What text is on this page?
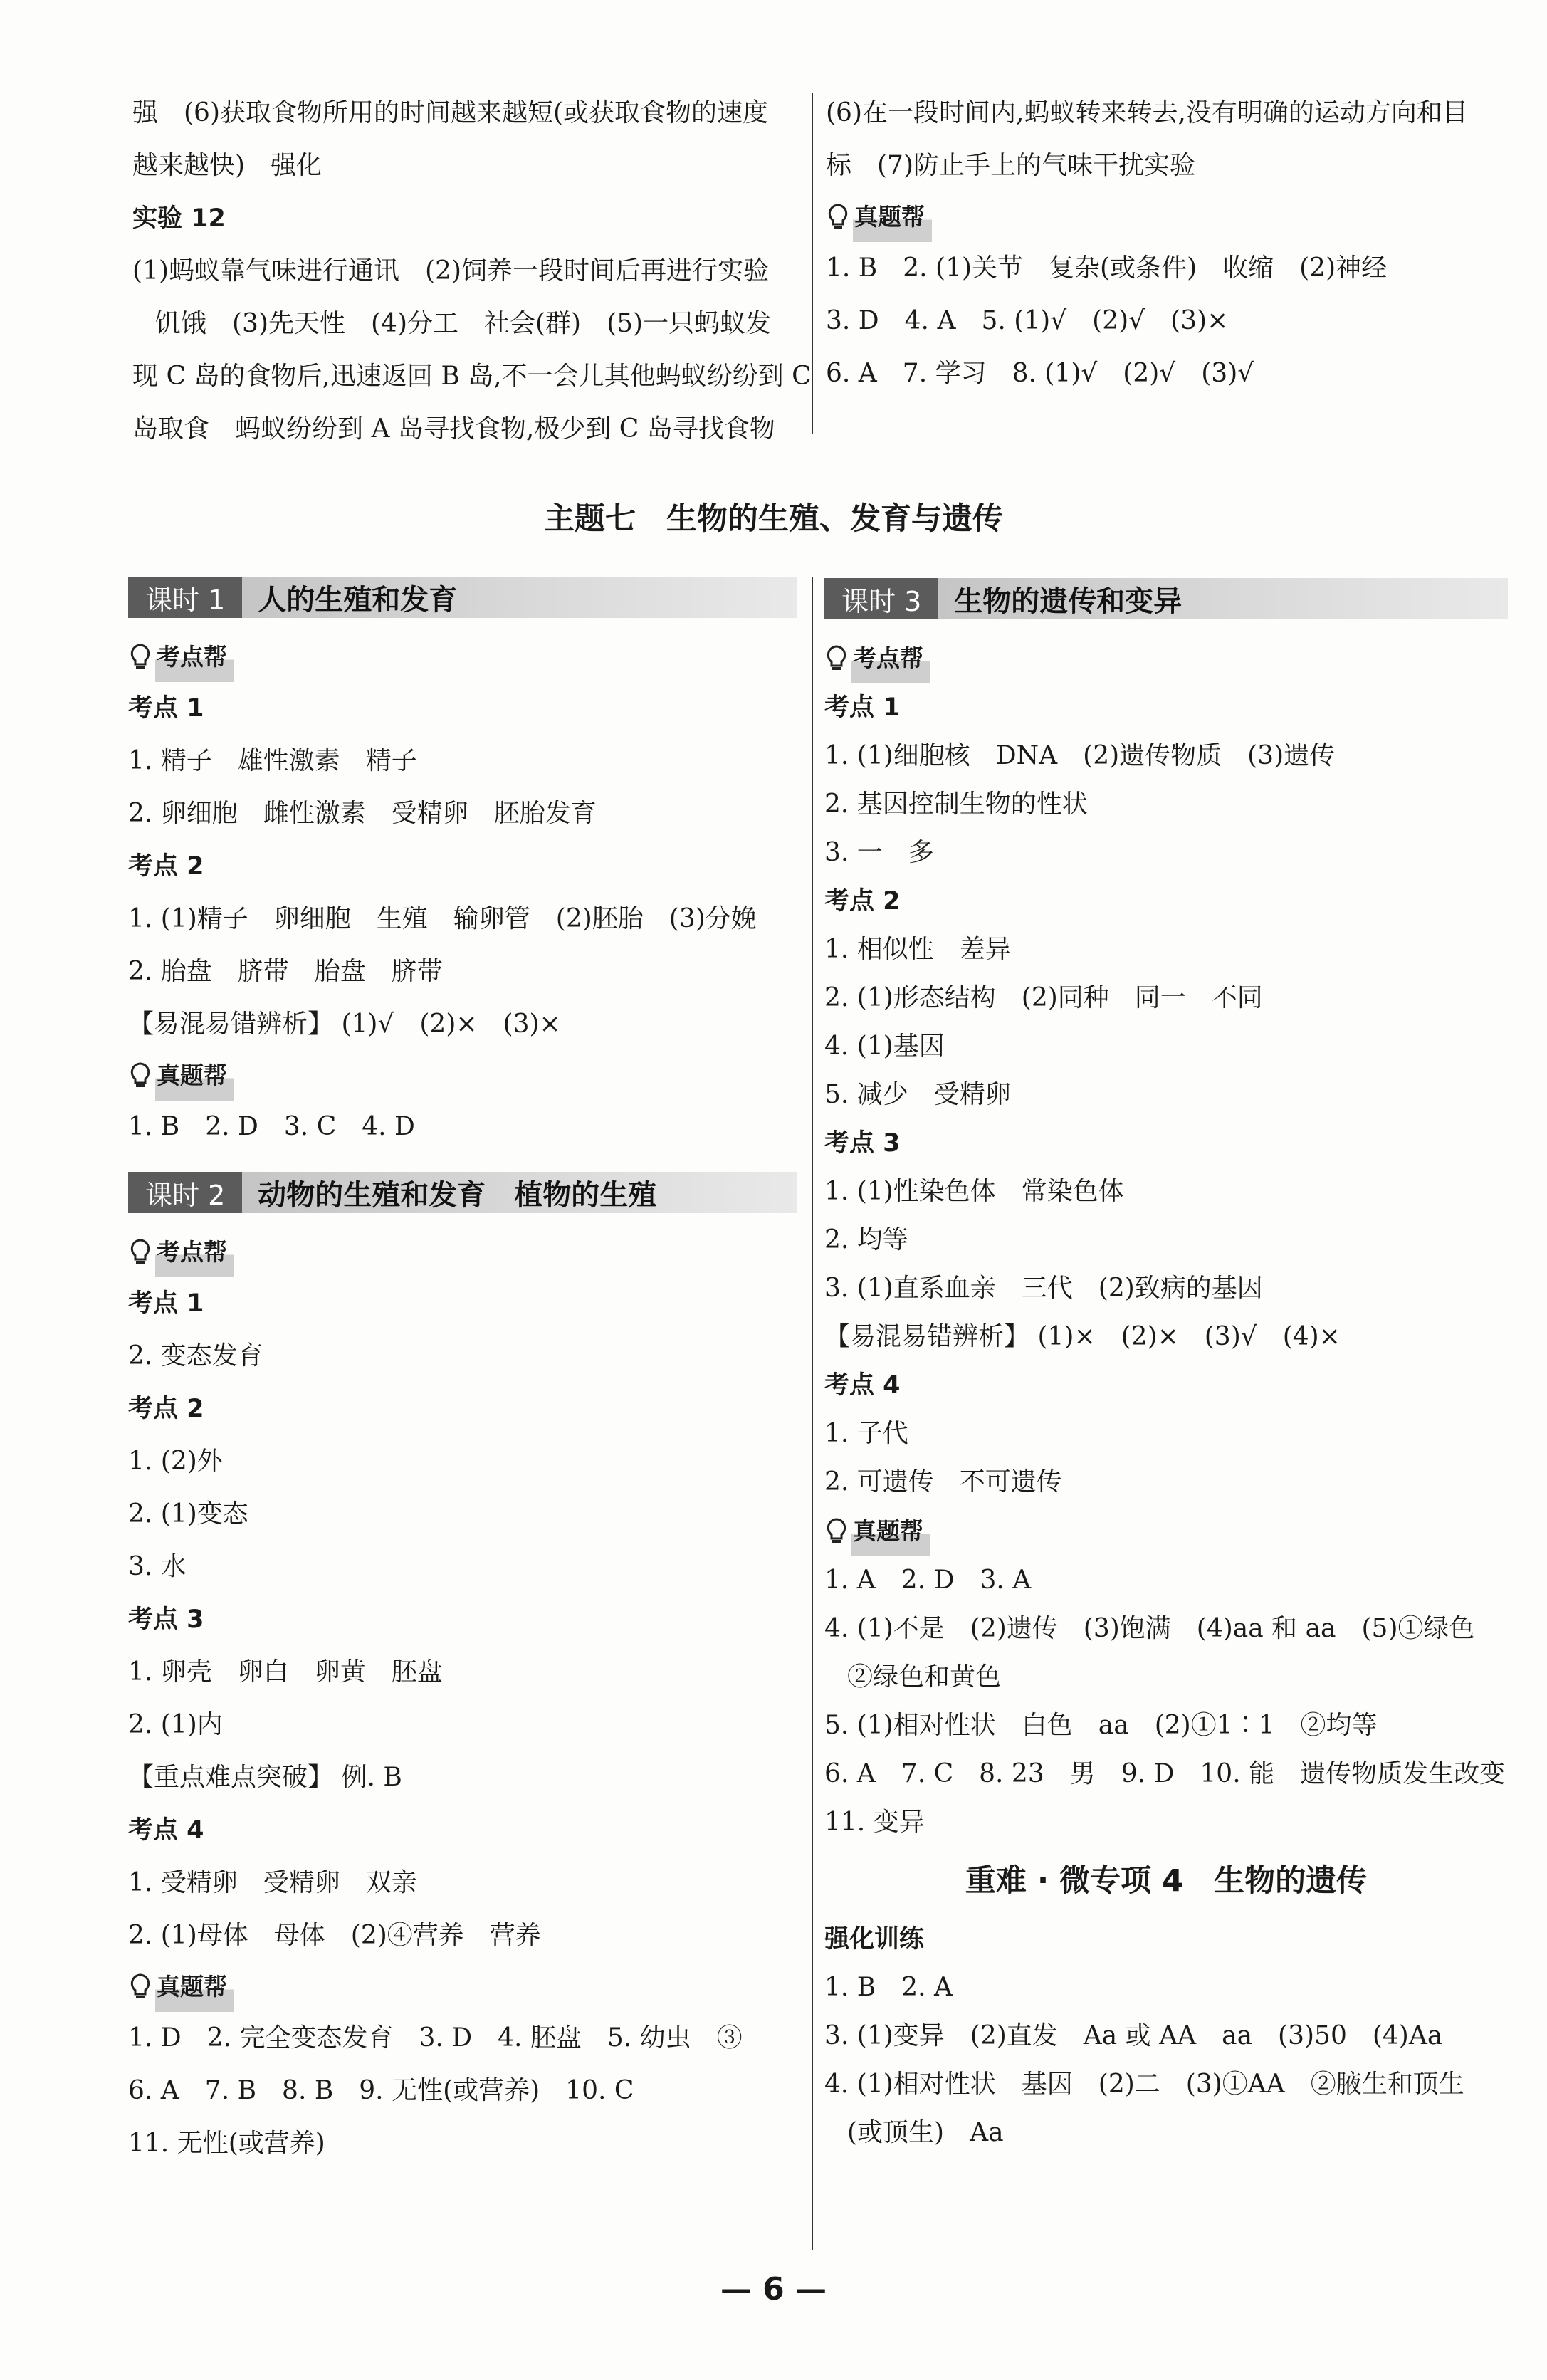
强　(6)获取食物所用的时间越来越短(或获取食物的速度
越来越快)　强化
实验 12
(1)蚂蚁靠气味进行通讯　(2)饲养一段时间后再进行实验
饥饿　(3)先天性　(4)分工　社会(群)　(5)一只蚂蚁发
现 C 岛的食物后,迅速返回 B 岛,不一会儿其他蚂蚁纷纷到 C
岛取食　蚂蚁纷纷到 A 岛寻找食物,极少到 C 岛寻找食物
(6)在一段时间内,蚂蚁转来转去,没有明确的运动方向和目
标　(7)防止手上的气味干扰实验
真题帮
1. B　2. (1)关节　复杂(或条件)　收缩　(2)神经
3. D　4. A　5. (1)√　(2)√　(3)×
6. A　7. 学习　8. (1)√　(2)√　(3)√
主题七　生物的生殖、发育与遗传
课时 1	人的生殖和发育
考点帮
考点 1
1. 精子　雄性激素　精子
2. 卵细胞　雌性激素　受精卵　胚胎发育
考点 2
1. (1)精子　卵细胞　生殖　输卵管　(2)胚胎　(3)分娩
2. 胎盘　脐带　胎盘　脐带
【易混易错辨析】 (1)√　(2)×　(3)×
真题帮
1. B　2. D　3. C　4. D
课时 2	动物的生殖和发育　植物的生殖
考点帮
考点 1
2. 变态发育
考点 2
1. (2)外
2. (1)变态
3. 水
考点 3
1. 卵壳　卵白　卵黄　胚盘
2. (1)内
【重点难点突破】 例. B
考点 4
1. 受精卵　受精卵　双亲
2. (1)母体　母体　(2)④营养　营养
真题帮
1. D　2. 完全变态发育　3. D　4. 胚盘　5. 幼虫　③
6. A　7. B　8. B　9. 无性(或营养)　10. C
11. 无性(或营养)
课时 3	生物的遗传和变异
考点帮
考点 1
1. (1)细胞核　DNA　(2)遗传物质　(3)遗传
2. 基因控制生物的性状
3. 一　多
考点 2
1. 相似性　差异
2. (1)形态结构　(2)同种　同一　不同
4. (1)基因
5. 减少　受精卵
考点 3
1. (1)性染色体　常染色体
2. 均等
3. (1)直系血亲　三代　(2)致病的基因
【易混易错辨析】 (1)×　(2)×　(3)√　(4)×
考点 4
1. 子代
2. 可遗传　不可遗传
真题帮
1. A　2. D　3. A
4. (1)不是　(2)遗传　(3)饱满　(4)aa 和 aa　(5)①绿色
②绿色和黄色
5. (1)相对性状　白色　aa　(2)①1∶1　②均等
6. A　7. C　8. 23　男　9. D　10. 能　遗传物质发生改变
11. 变异
重难 · 微专项 4　生物的遗传
强化训练
1. B　2. A
3. (1)变异　(2)直发　Aa 或 AA　aa　(3)50　(4)Aa
4. (1)相对性状　基因　(2)二　(3)①AA　②腋生和顶生
(或顶生)　Aa
— 6 —
